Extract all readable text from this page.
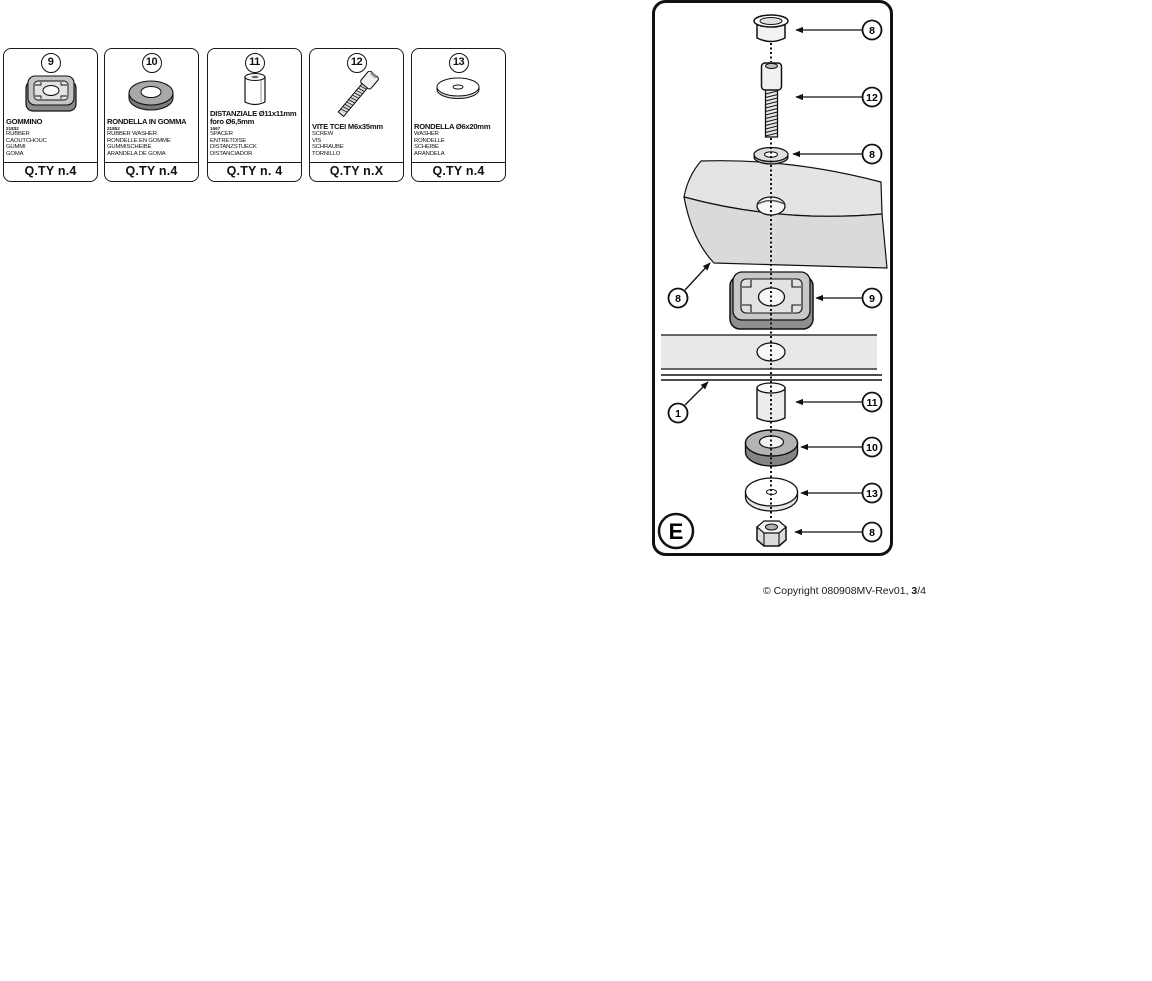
9
GOMMINO
21832
RUBBER
CAOUTCHOUC
GUMMI
GOMA
Q.TY n.4
10
RONDELLA IN GOMMA
21852
RUBBER WASHER
RONDELLE EN GOMME
GUMMISCHEIBE
ARANDELA DE GOMA
Q.TY n.4
11
DISTANZIALE Ø11x11mm
foro Ø6,5mm
1667
SPACER
ENTRETOISE
DISTANZSTUECK
DISTANCIADOR
Q.TY n. 4
12
VITE TCEI M6x35mm
SCREW
VIS
SCHRAUBE
TORNILLO
Q.TY n.X
13
RONDELLA Ø6x20mm
WASHER
RONDELLE
SCHEIBE
ARANDELA
Q.TY n.4
8
12
8
9
11
10
13
8
8
1
E
© Copyright 080908MV-Rev01, 3/4
